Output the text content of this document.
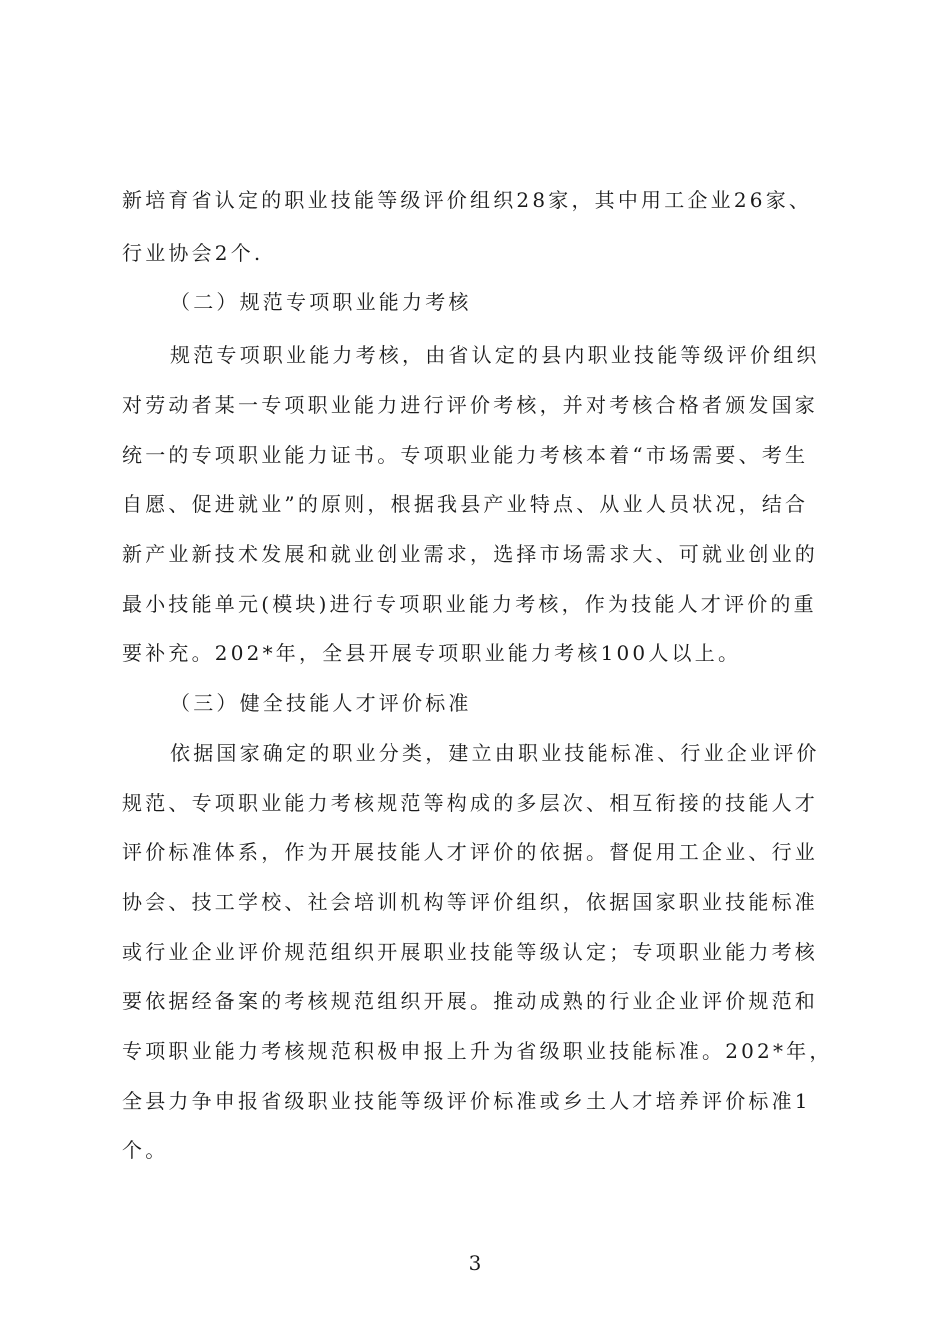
新培育省认定的职业技能等级评价组织28家，其中用工企业26家、
行业协会2个.
（二）规范专项职业能力考核
规范专项职业能力考核，由省认定的县内职业技能等级评价组织
对劳动者某一专项职业能力进行评价考核，并对考核合格者颁发国家
统一的专项职业能力证书。专项职业能力考核本着“市场需要、考生
自愿、促进就业”的原则，根据我县产业特点、从业人员状况，结合
新产业新技术发展和就业创业需求，选择市场需求大、可就业创业的
最小技能单元(模块)进行专项职业能力考核，作为技能人才评价的重
要补充。202*年，全县开展专项职业能力考核100人以上。
（三）健全技能人才评价标准
依据国家确定的职业分类，建立由职业技能标准、行业企业评价
规范、专项职业能力考核规范等构成的多层次、相互衔接的技能人才
评价标准体系，作为开展技能人才评价的依据。督促用工企业、行业
协会、技工学校、社会培训机构等评价组织，依据国家职业技能标准
或行业企业评价规范组织开展职业技能等级认定；专项职业能力考核
要依据经备案的考核规范组织开展。推动成熟的行业企业评价规范和
专项职业能力考核规范积极申报上升为省级职业技能标准。202*年，
全县力争申报省级职业技能等级评价标准或乡土人才培养评价标准1
个。
3
